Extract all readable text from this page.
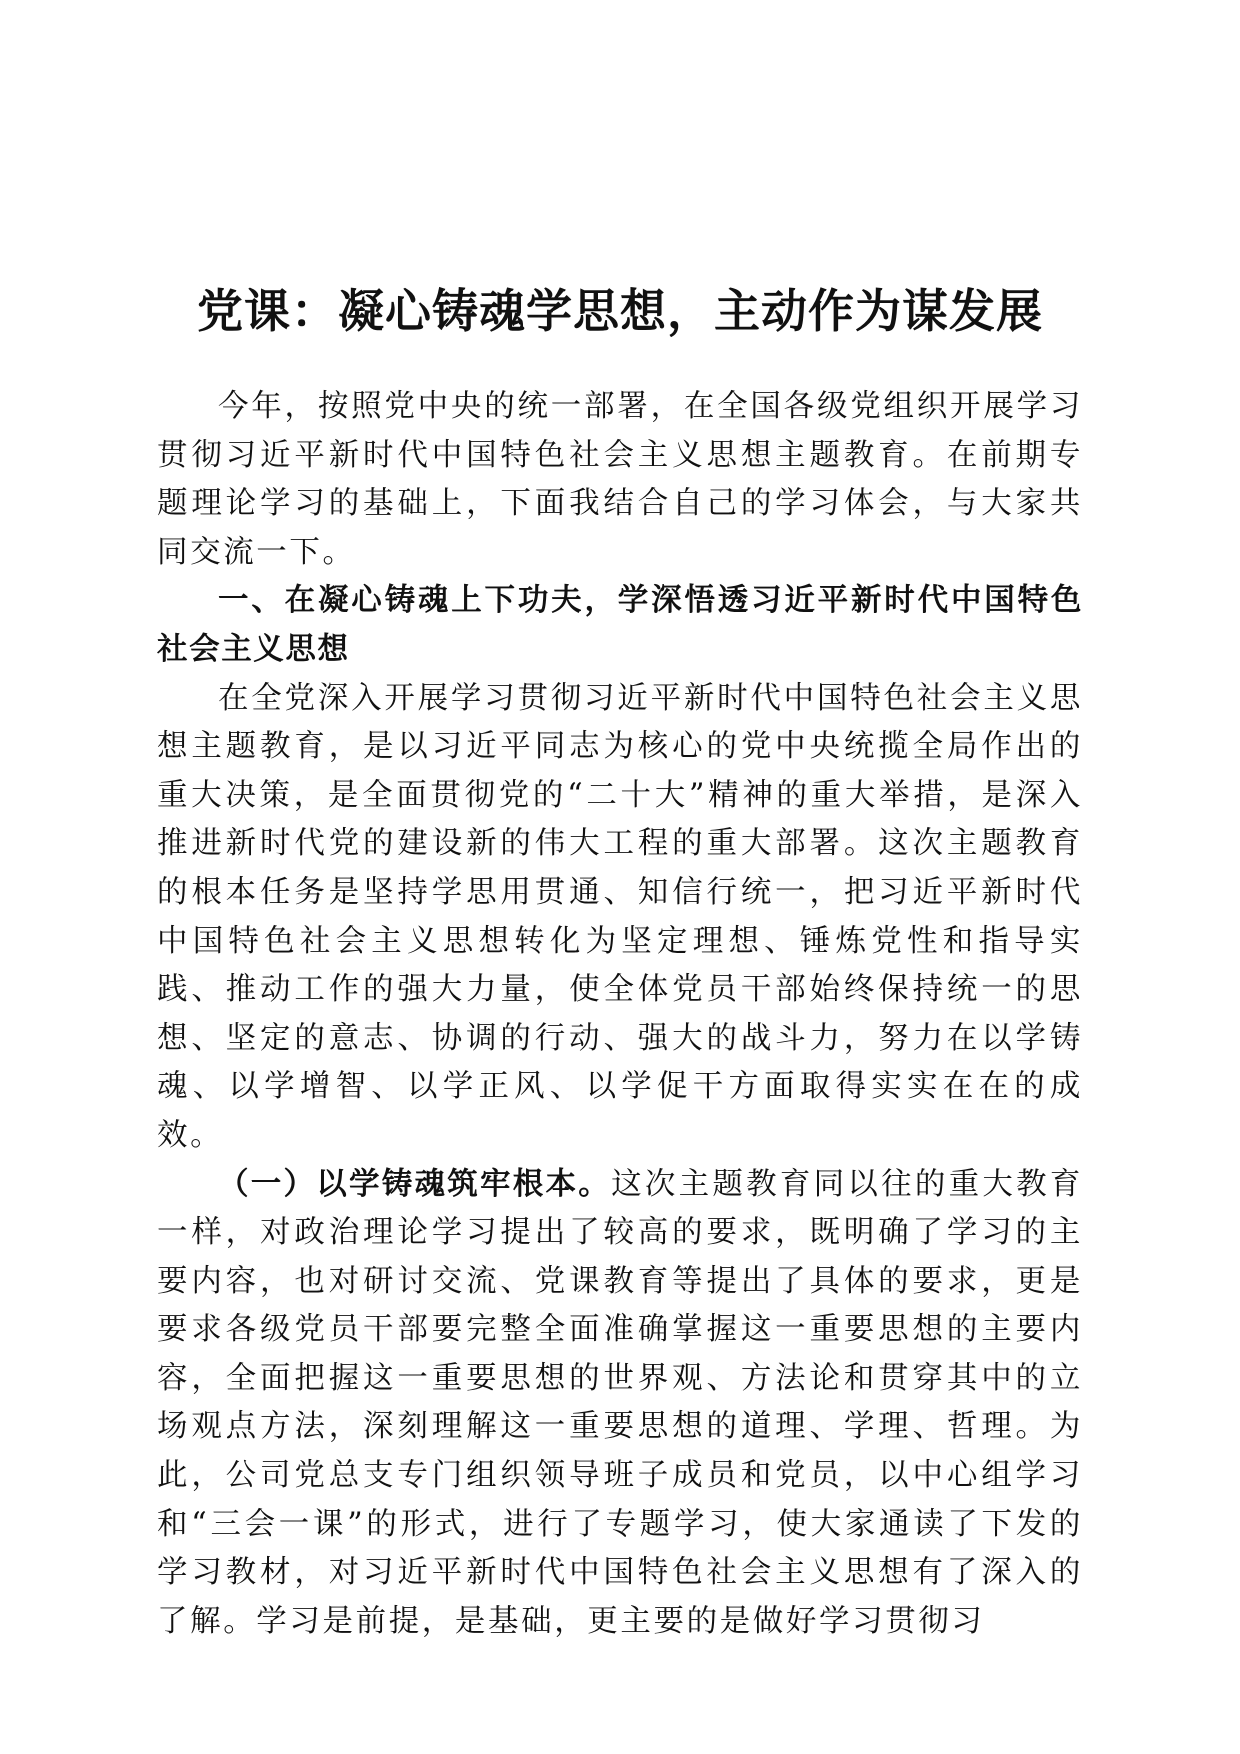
党课：凝心铸魂学思想，主动作为谋发展

今年，按照党中央的统一部署，在全国各级党组织开展学习贯彻习近平新时代中国特色社会主义思想主题教育。在前期专题理论学习的基础上，下面我结合自己的学习体会，与大家共同交流一下。

一、在凝心铸魂上下功夫，学深悟透习近平新时代中国特色社会主义思想

在全党深入开展学习贯彻习近平新时代中国特色社会主义思想主题教育，是以习近平同志为核心的党中央统揽全局作出的重大决策，是全面贯彻党的“二十大”精神的重大举措，是深入推进新时代党的建设新的伟大工程的重大部署。这次主题教育的根本任务是坚持学思用贯通、知信行统一，把习近平新时代中国特色社会主义思想转化为坚定理想、锤炼党性和指导实践、推动工作的强大力量，使全体党员干部始终保持统一的思想、坚定的意志、协调的行动、强大的战斗力，努力在以学铸魂、以学增智、以学正风、以学促干方面取得实实在在的成效。

（一）以学铸魂筑牢根本。这次主题教育同以往的重大教育一样，对政治理论学习提出了较高的要求，既明确了学习的主要内容，也对研讨交流、党课教育等提出了具体的要求，更是要求各级党员干部要完整全面准确掌握这一重要思想的主要内容，全面把握这一重要思想的世界观、方法论和贯穿其中的立场观点方法，深刻理解这一重要思想的道理、学理、哲理。为此，公司党总支专门组织领导班子成员和党员，以中心组学习和“三会一课”的形式，进行了专题学习，使大家通读了下发的学习教材，对习近平新时代中国特色社会主义思想有了深入的了解。学习是前提，是基础，更主要的是做好学习贯彻习
